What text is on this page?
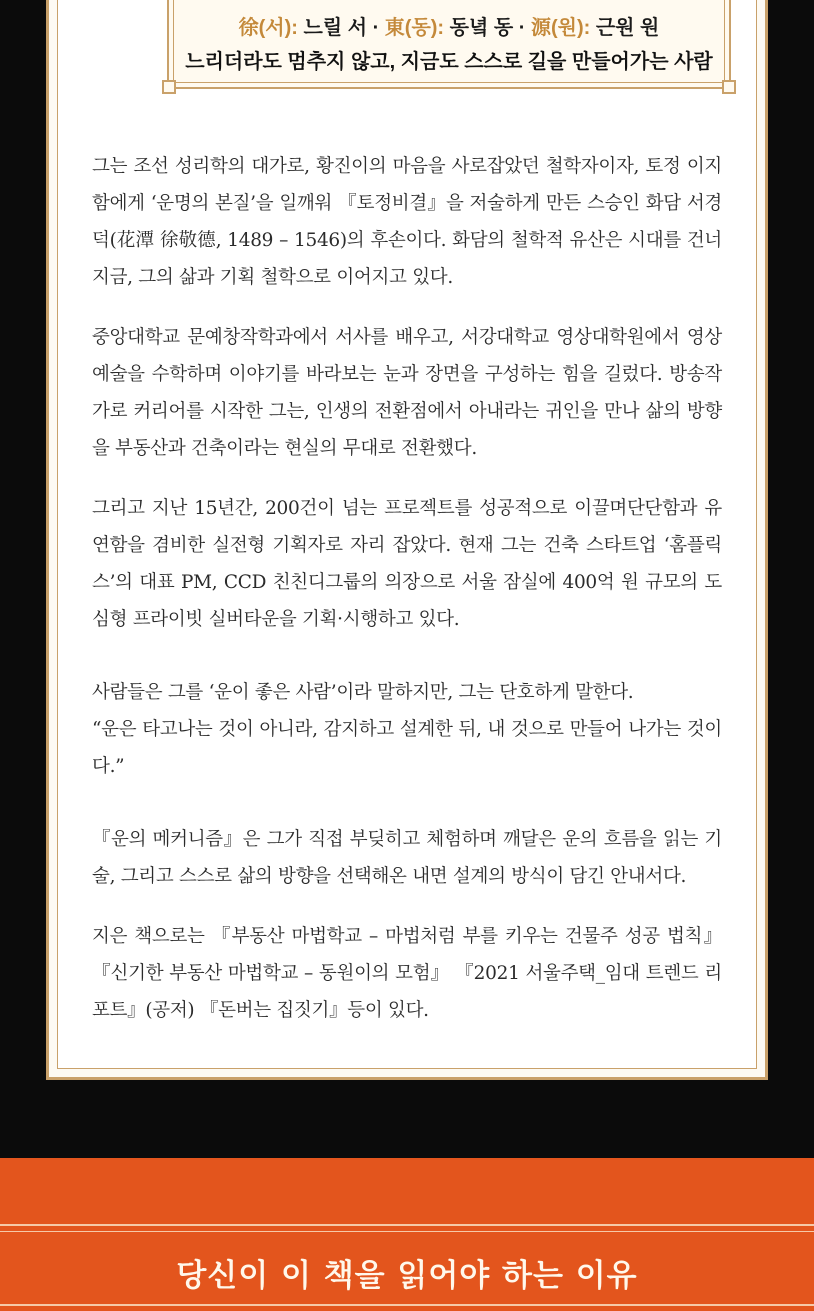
徐(서): 느릴 서 · 東(동): 동녘 동 · 源(원): 근원 원
느리더라도 멈추지 않고, 지금도 스스로 길을 만들어가는 사람

그는 조선 성리학의 대가로, 황진이의 마음을 사로잡았던 철학자이자, 토정 이지함에게 ‘운명의 본질’을 일깨워 『토정비결』을 저술하게 만든 스승인 화담 서경덕(花潭 徐敬德, 1489 – 1546)의 후손이다. 화담의 철학적 유산은 시대를 건너 지금, 그의 삶과 기획 철학으로 이어지고 있다.

중앙대학교 문예창작학과에서 서사를 배우고, 서강대학교 영상대학원에서 영상 예술을 수학하며 이야기를 바라보는 눈과 장면을 구성하는 힘을 길렀다. 방송작가로 커리어를 시작한 그는, 인생의 전환점에서 아내라는 귀인을 만나 삶의 방향을 부동산과 건축이라는 현실의 무대로 전환했다.

그리고 지난 15년간, 200건이 넘는 프로젝트를 성공적으로 이끌며단단함과 유연함을 겸비한 실전형 기획자로 자리 잡았다. 현재 그는 건축 스타트업 ‘홈플릭스’의 대표 PM, CCD 친친디그룹의 의장으로 서울 잠실에 400억 원 규모의 도심형 프라이빗 실버타운을 기획·시행하고 있다.

사람들은 그를 ‘운이 좋은 사람’이라 말하지만, 그는 단호하게 말한다.

“운은 타고나는 것이 아니라, 감지하고 설계한 뒤, 내 것으로 만들어 나가는 것이다.”

『운의 메커니즘』은 그가 직접 부딪히고 체험하며 깨달은 운의 흐름을 읽는 기술, 그리고 스스로 삶의 방향을 선택해온 내면 설계의 방식이 담긴 안내서다.

지은 책으로는 『부동산 마법학교 – 마법처럼 부를 키우는 건물주 성공 법칙』 『신기한 부동산 마법학교 – 동원이의 모험』 『2021 서울주택_임대 트렌드 리포트』(공저) 『돈버는 집짓기』등이 있다.

당신이 이 책을 읽어야 하는 이유
